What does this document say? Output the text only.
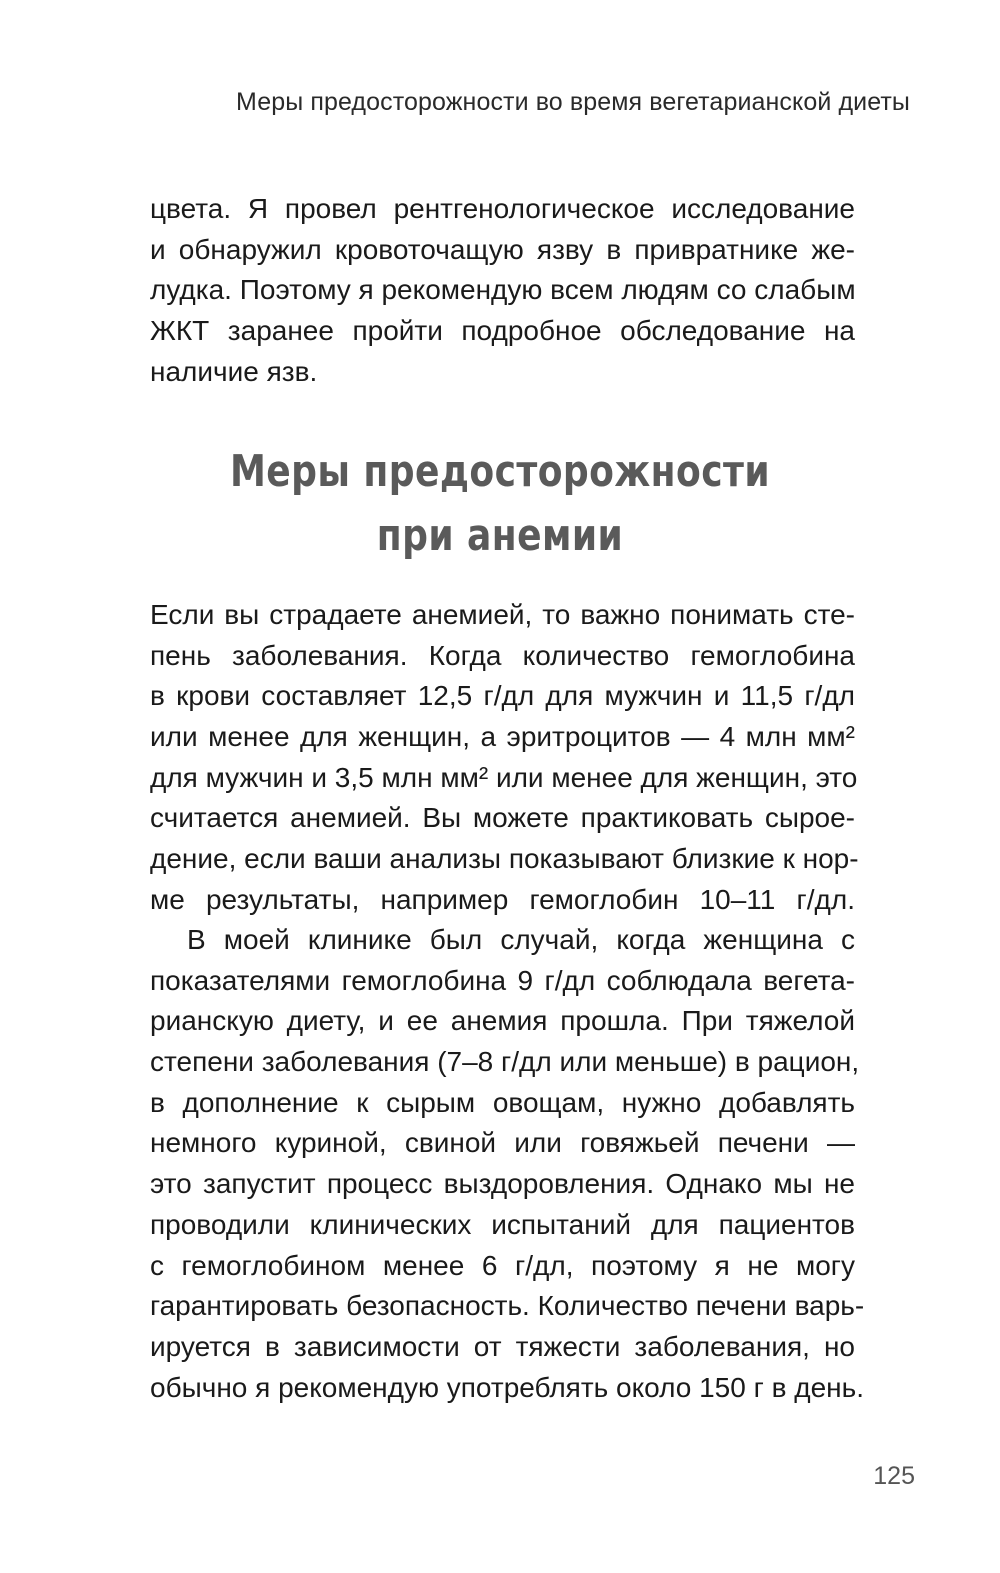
Меры предосторожности во время вегетарианской диеты
цвета. Я провел рентгенологическое исследование
и обнаружил кровоточащую язву в привратнике же-
лудка. Поэтому я рекомендую всем людям со слабым
ЖКТ заранее пройти подробное обследование на
наличие язв.
Меры предосторожности
при анемии
Если вы страдаете анемией, то важно понимать сте-
пень заболевания. Когда количество гемоглобина
в крови составляет 12,5 г/дл для мужчин и 11,5 г/дл
или менее для женщин, а эритроцитов — 4 млн мм²
для мужчин и 3,5 млн мм² или менее для женщин, это
считается анемией. Вы можете практиковать сырое-
дение, если ваши анализы показывают близкие к нор-
ме результаты, например гемоглобин 10–11 г/дл.
В моей клинике был случай, когда женщина с
показателями гемоглобина 9 г/дл соблюдала вегета-
рианскую диету, и ее анемия прошла. При тяжелой
степени заболевания (7–8 г/дл или меньше) в рацион,
в дополнение к сырым овощам, нужно добавлять
немного куриной, свиной или говяжьей печени —
это запустит процесс выздоровления. Однако мы не
проводили клинических испытаний для пациентов
с гемоглобином менее 6 г/дл, поэтому я не могу
гарантировать безопасность. Количество печени варь-
ируется в зависимости от тяжести заболевания, но
обычно я рекомендую употреблять около 150 г в день.
125
